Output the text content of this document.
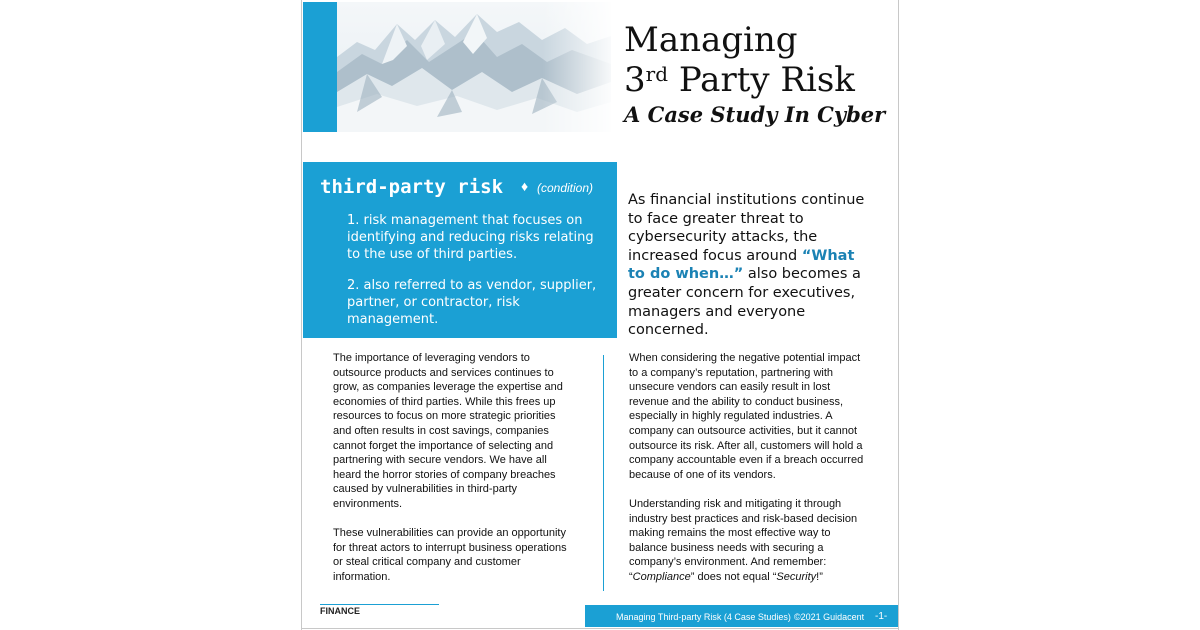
Managing
3rd Party Risk
A Case Study In Cyber
third-party risk ♦ (condition)
1. risk management that focuses on identifying and reducing risks relating to the use of third parties.
2. also referred to as vendor, supplier, partner, or contractor, risk management.
As financial institutions continue to face greater threat to cybersecurity attacks, the increased focus around “What to do when…” also becomes a greater concern for executives, managers and everyone concerned.

The importance of leveraging vendors to outsource products and services continues to grow, as companies leverage the expertise and economies of third parties. While this frees up resources to focus on more strategic priorities and often results in cost savings, companies cannot forget the importance of selecting and partnering with secure vendors. We have all heard the horror stories of company breaches caused by vulnerabilities in third-party environments.

These vulnerabilities can provide an opportunity for threat actors to interrupt business operations or steal critical company and customer information.

When considering the negative potential impact to a company’s reputation, partnering with unsecure vendors can easily result in lost revenue and the ability to conduct business, especially in highly regulated industries. A company can outsource activities, but it cannot outsource its risk. After all, customers will hold a company accountable even if a breach occurred because of one of its vendors.

Understanding risk and mitigating it through industry best practices and risk-based decision making remains the most effective way to balance business needs with securing a company’s environment. And remember: “Compliance” does not equal “Security!”

FINANCE
Managing Third-party Risk (4 Case Studies) ©2021 Guidacent -1-
